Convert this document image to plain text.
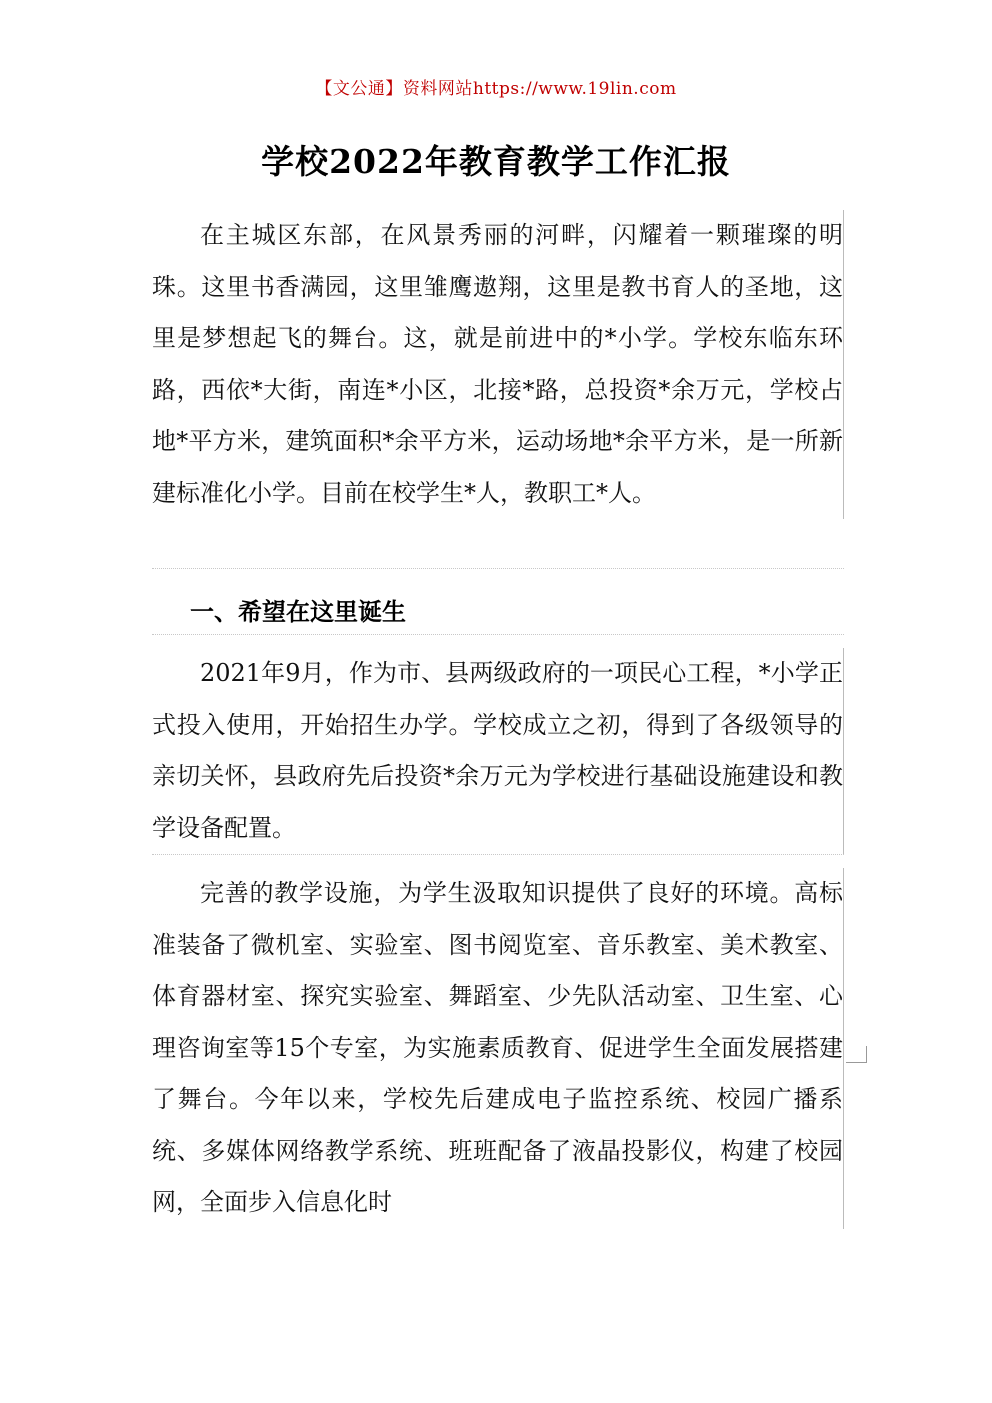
【文公通】资料网站https://www.19lin.com
学校2022年教育教学工作汇报
在主城区东部，在风景秀丽的河畔，闪耀着一颗璀璨的明珠。这里书香满园，这里雏鹰遨翔，这里是教书育人的圣地，这里是梦想起飞的舞台。这，就是前进中的*小学。学校东临东环路，西依*大街，南连*小区，北接*路，总投资*余万元，学校占地*平方米，建筑面积*余平方米，运动场地*余平方米，是一所新建标准化小学。目前在校学生*人，教职工*人。
一、希望在这里诞生
2021年9月，作为市、县两级政府的一项民心工程，*小学正式投入使用，开始招生办学。学校成立之初，得到了各级领导的亲切关怀，县政府先后投资*余万元为学校进行基础设施建设和教学设备配置。
完善的教学设施，为学生汲取知识提供了良好的环境。高标准装备了微机室、实验室、图书阅览室、音乐教室、美术教室、体育器材室、探究实验室、舞蹈室、少先队活动室、卫生室、心理咨询室等15个专室，为实施素质教育、促进学生全面发展搭建了舞台。今年以来，学校先后建成电子监控系统、校园广播系统、多媒体网络教学系统、班班配备了液晶投影仪，构建了校园网，全面步入信息化时
